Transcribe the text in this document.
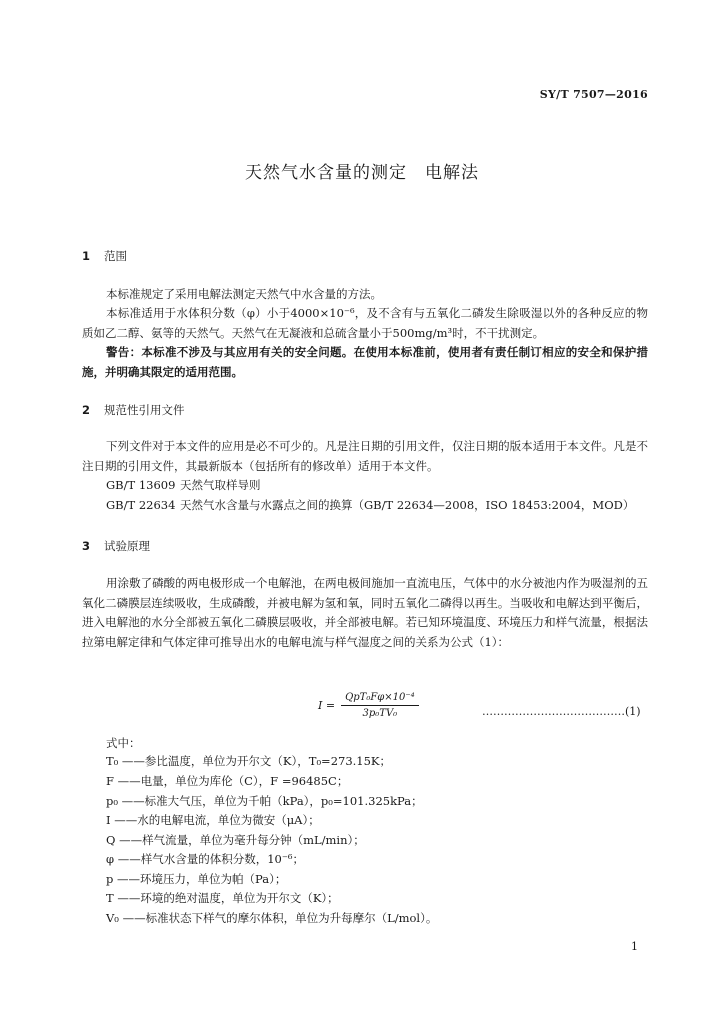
SY/T 7507—2016
天然气水含量的测定　电解法
1 范围
本标准规定了采用电解法测定天然气中水含量的方法。
本标准适用于水体积分数（φ）小于4000×10⁻⁶，及不含有与五氧化二磷发生除吸湿以外的各种反应的物质如乙二醇、氨等的天然气。天然气在无凝液和总硫含量小于500mg/m³时，不干扰测定。
警告：本标准不涉及与其应用有关的安全问题。在使用本标准前，使用者有责任制订相应的安全和保护措施，并明确其限定的适用范围。
2 规范性引用文件
下列文件对于本文件的应用是必不可少的。凡是注日期的引用文件，仅注日期的版本适用于本文件。凡是不注日期的引用文件，其最新版本（包括所有的修改单）适用于本文件。
GB/T 13609 天然气取样导则
GB/T 22634 天然气水含量与水露点之间的换算（GB/T 22634—2008，ISO 18453:2004，MOD）
3 试验原理
用涂敷了磷酸的两电极形成一个电解池，在两电极间施加一直流电压，气体中的水分被池内作为吸湿剂的五氧化二磷膜层连续吸收，生成磷酸，并被电解为氢和氧，同时五氧化二磷得以再生。当吸收和电解达到平衡后，进入电解池的水分全部被五氧化二磷膜层吸收，并全部被电解。若已知环境温度、环境压力和样气流量，根据法拉第电解定律和气体定律可推导出水的电解电流与样气湿度之间的关系为公式（1）：
$I = \frac{\text{QpT₀Fφ×10⁻⁴}}{\text{3p₀TV₀}}$	…………………………………(1)
式中：
T₀ ——参比温度，单位为开尔文（K），T₀=273.15K；
F ——电量，单位为库伦（C），F =96485C；
p₀ ——标准大气压，单位为千帕（kPa），p₀=101.325kPa；
I ——水的电解电流，单位为微安（μA）；
Q ——样气流量，单位为毫升每分钟（mL/min）；
φ ——样气水含量的体积分数，10⁻⁶；
p ——环境压力，单位为帕（Pa）；
T ——环境的绝对温度，单位为开尔文（K）；
V₀ ——标准状态下样气的摩尔体积，单位为升每摩尔（L/mol）。
1
